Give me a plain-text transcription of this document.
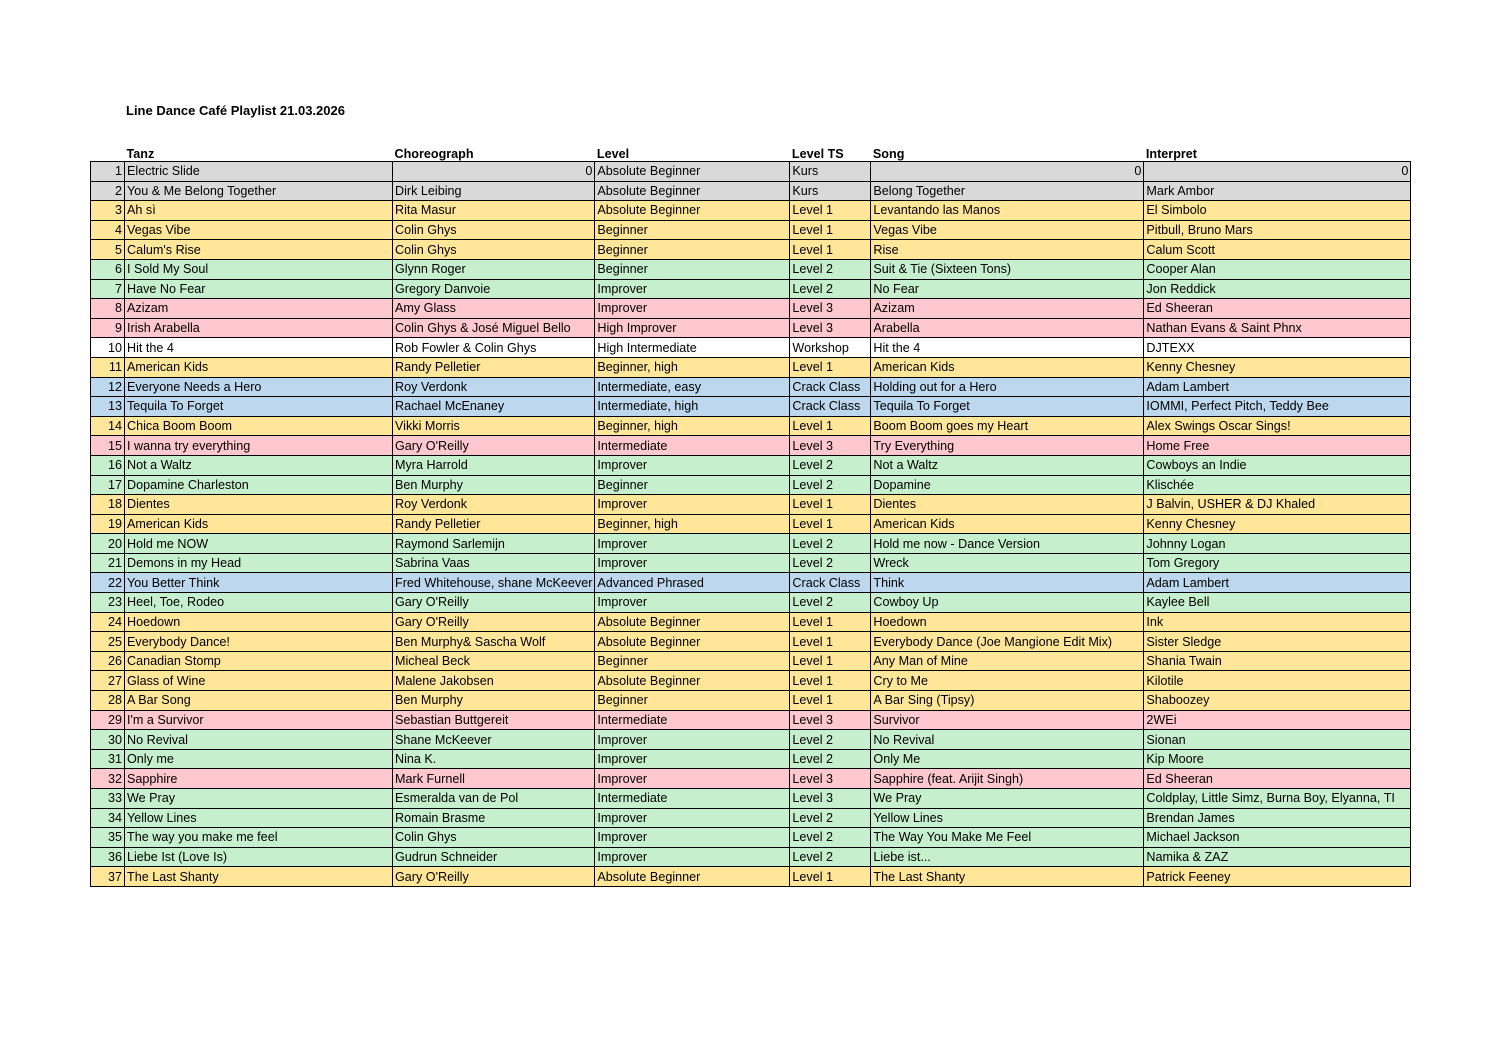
Line Dance Café Playlist 21.03.2026
	Tanz	Choreograph	Level	Level TS	Song	Interpret
1	Electric Slide	0	Absolute Beginner	Kurs	0	0
2	You & Me Belong Together	Dirk Leibing	Absolute Beginner	Kurs	Belong Together	Mark Ambor
3	Ah sì	Rita Masur	Absolute Beginner	Level 1	Levantando las Manos	El Simbolo
4	Vegas Vibe	Colin Ghys	Beginner	Level 1	Vegas Vibe	Pitbull, Bruno Mars
5	Calum's Rise	Colin Ghys	Beginner	Level 1	Rise	Calum Scott
6	I Sold My Soul	Glynn Roger	Beginner	Level 2	Suit & Tie (Sixteen Tons)	Cooper Alan
7	Have No Fear	Gregory Danvoie	Improver	Level 2	No Fear	Jon Reddick
8	Azizam	Amy Glass	Improver	Level 3	Azizam	Ed Sheeran
9	Irish Arabella	Colin Ghys & José Miguel Bello	High Improver	Level 3	Arabella	Nathan Evans & Saint Phnx
10	Hit the 4	Rob Fowler & Colin Ghys	High Intermediate	Workshop	Hit the 4	DJTEXX
11	American Kids	Randy Pelletier	Beginner, high	Level 1	American Kids	Kenny Chesney
12	Everyone Needs a Hero	Roy Verdonk	Intermediate, easy	Crack Class	Holding out for a Hero	Adam Lambert
13	Tequila To Forget	Rachael McEnaney	Intermediate, high	Crack Class	Tequila To Forget	IOMMI, Perfect Pitch, Teddy Bee
14	Chica Boom Boom	Vikki Morris	Beginner, high	Level 1	Boom Boom goes my Heart	Alex Swings Oscar Sings!
15	I wanna try everything	Gary O'Reilly	Intermediate	Level 3	Try Everything	Home Free
16	Not a Waltz	Myra Harrold	Improver	Level 2	Not a Waltz	Cowboys an Indie
17	Dopamine Charleston	Ben Murphy	Beginner	Level 2	Dopamine	Klischée
18	Dientes	Roy Verdonk	Improver	Level 1	Dientes	J Balvin, USHER & DJ Khaled
19	American Kids	Randy Pelletier	Beginner, high	Level 1	American Kids	Kenny Chesney
20	Hold me NOW	Raymond Sarlemijn	Improver	Level 2	Hold me now - Dance Version	Johnny Logan
21	Demons in my Head	Sabrina Vaas	Improver	Level 2	Wreck	Tom Gregory
22	You Better Think	Fred Whitehouse, shane McKeever	Advanced Phrased	Crack Class	Think	Adam Lambert
23	Heel, Toe, Rodeo	Gary O'Reilly	Improver	Level 2	Cowboy Up	Kaylee Bell
24	Hoedown	Gary O'Reilly	Absolute Beginner	Level 1	Hoedown	Ink
25	Everybody Dance!	Ben Murphy& Sascha Wolf	Absolute Beginner	Level 1	Everybody Dance (Joe Mangione Edit Mix)	Sister Sledge
26	Canadian Stomp	Micheal Beck	Beginner	Level 1	Any Man of Mine	Shania Twain
27	Glass of Wine	Malene Jakobsen	Absolute Beginner	Level 1	Cry to Me	Kilotile
28	A Bar Song	Ben Murphy	Beginner	Level 1	A Bar Sing (Tipsy)	Shaboozey
29	I'm a Survivor	Sebastian Buttgereit	Intermediate	Level 3	Survivor	2WEi
30	No Revival	Shane McKeever	Improver	Level 2	No Revival	Sionan
31	Only me	Nina K.	Improver	Level 2	Only Me	Kip Moore
32	Sapphire	Mark Furnell	Improver	Level 3	Sapphire (feat. Arijit Singh)	Ed Sheeran
33	We Pray	Esmeralda van de Pol	Intermediate	Level 3	We Pray	Coldplay, Little Simz, Burna Boy, Elyanna, TI
34	Yellow Lines	Romain Brasme	Improver	Level 2	Yellow Lines	Brendan James
35	The way you make me feel	Colin Ghys	Improver	Level 2	The Way You Make Me Feel	Michael Jackson
36	Liebe Ist (Love Is)	Gudrun Schneider	Improver	Level 2	Liebe ist...	Namika & ZAZ
37	The Last Shanty	Gary O'Reilly	Absolute Beginner	Level 1	The Last Shanty	Patrick Feeney
